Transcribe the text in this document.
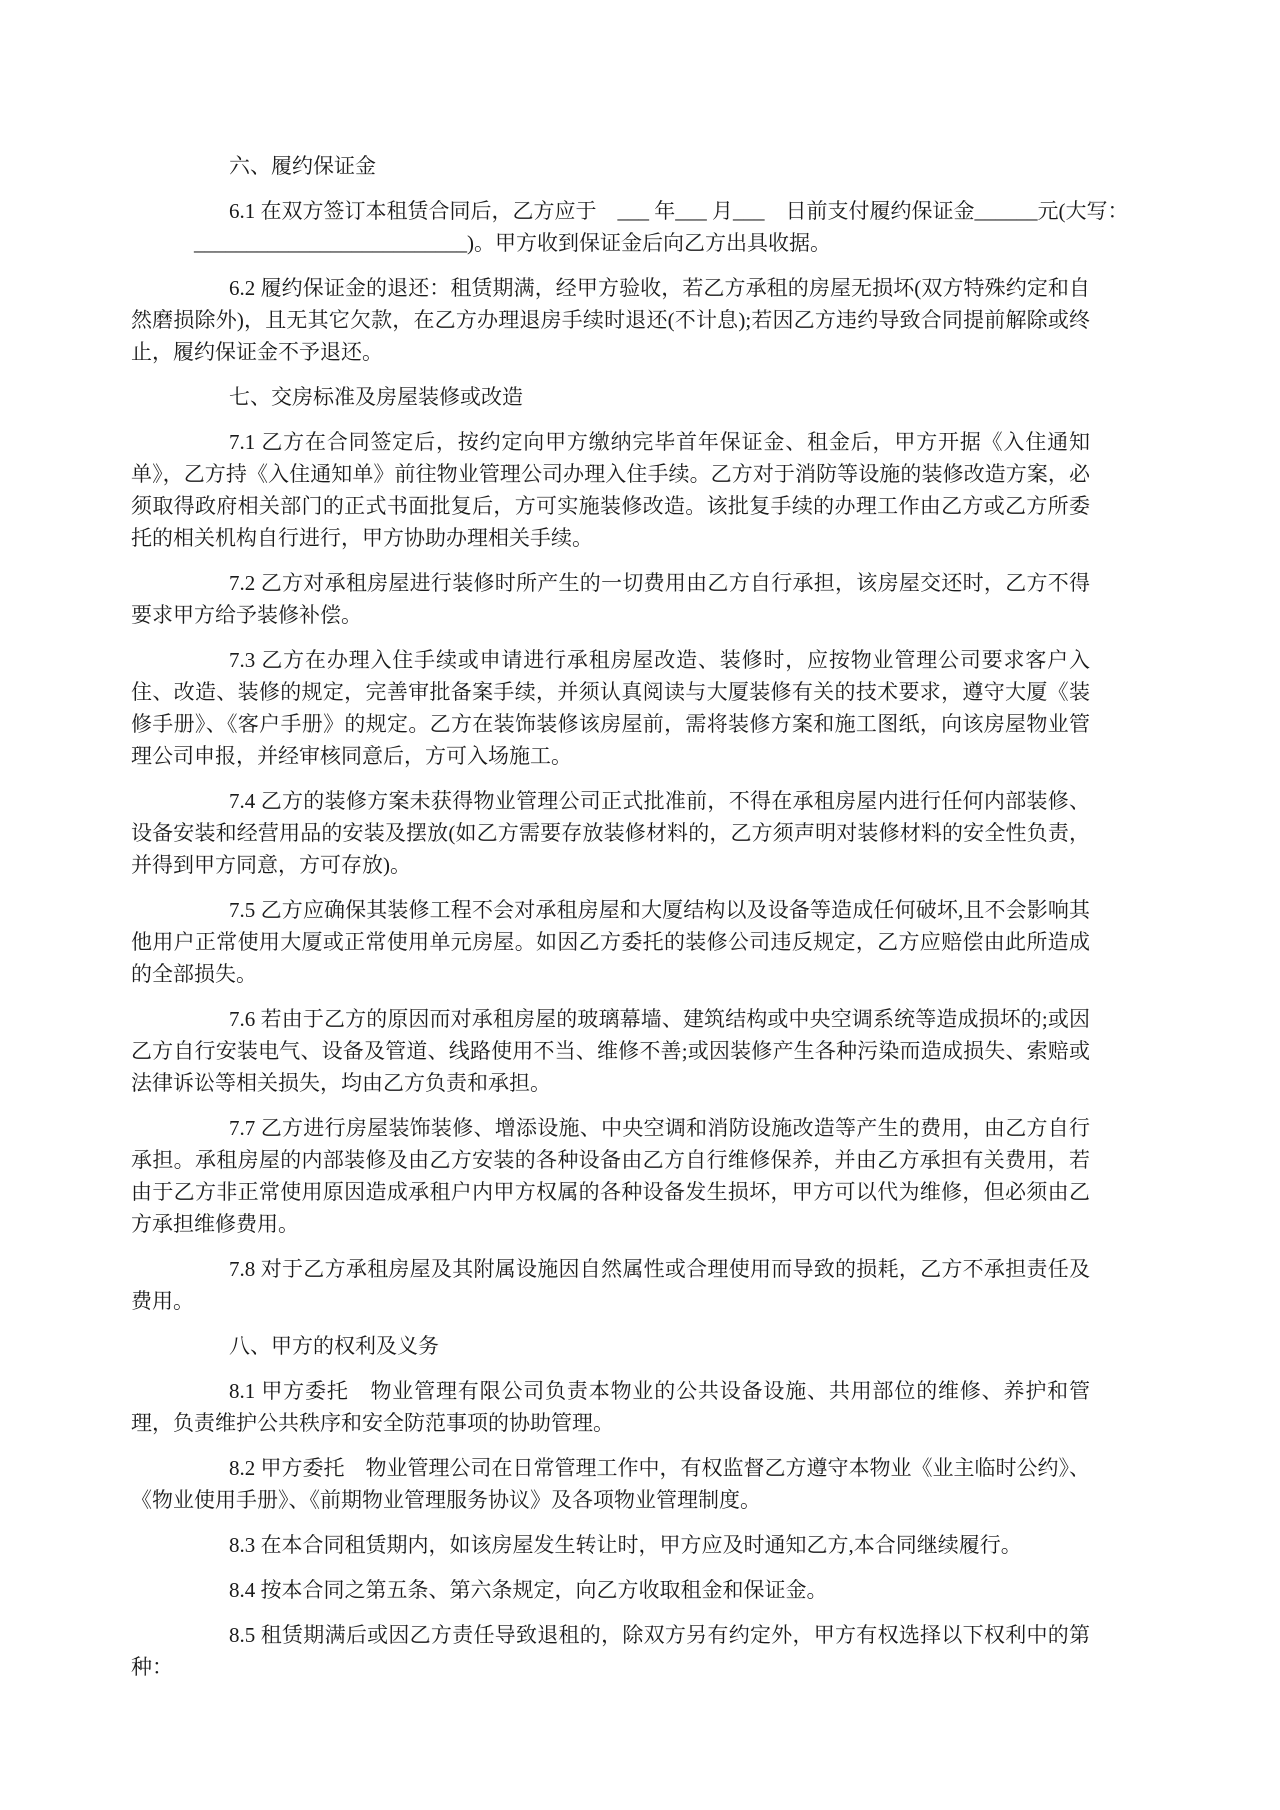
六、履约保证金

6.1 在双方签订本租赁合同后，乙方应于　___ 年___ 月___　日前支付履约保证金______元(大写：
__________________________)。甲方收到保证金后向乙方出具收据。

6.2 履约保证金的退还：租赁期满，经甲方验收，若乙方承租的房屋无损坏(双方特殊约定和自然磨损除外)，且无其它欠款，在乙方办理退房手续时退还(不计息);若因乙方违约导致合同提前解除或终止，履约保证金不予退还。

七、交房标准及房屋装修或改造

7.1 乙方在合同签定后，按约定向甲方缴纳完毕首年保证金、租金后，甲方开据《入住通知单》，乙方持《入住通知单》前往物业管理公司办理入住手续。乙方对于消防等设施的装修改造方案，必须取得政府相关部门的正式书面批复后，方可实施装修改造。该批复手续的办理工作由乙方或乙方所委托的相关机构自行进行，甲方协助办理相关手续。

7.2 乙方对承租房屋进行装修时所产生的一切费用由乙方自行承担，该房屋交还时，乙方不得要求甲方给予装修补偿。

7.3 乙方在办理入住手续或申请进行承租房屋改造、装修时，应按物业管理公司要求客户入住、改造、装修的规定，完善审批备案手续，并须认真阅读与大厦装修有关的技术要求，遵守大厦《装修手册》、《客户手册》的规定。乙方在装饰装修该房屋前，需将装修方案和施工图纸，向该房屋物业管理公司申报，并经审核同意后，方可入场施工。

7.4 乙方的装修方案未获得物业管理公司正式批准前，不得在承租房屋内进行任何内部装修、设备安装和经营用品的安装及摆放(如乙方需要存放装修材料的，乙方须声明对装修材料的安全性负责，并得到甲方同意，方可存放)。

7.5 乙方应确保其装修工程不会对承租房屋和大厦结构以及设备等造成任何破坏,且不会影响其他用户正常使用大厦或正常使用单元房屋。如因乙方委托的装修公司违反规定，乙方应赔偿由此所造成的全部损失。

7.6 若由于乙方的原因而对承租房屋的玻璃幕墙、建筑结构或中央空调系统等造成损坏的;或因乙方自行安装电气、设备及管道、线路使用不当、维修不善;或因装修产生各种污染而造成损失、索赔或法律诉讼等相关损失，均由乙方负责和承担。

7.7 乙方进行房屋装饰装修、增添设施、中央空调和消防设施改造等产生的费用，由乙方自行承担。承租房屋的内部装修及由乙方安装的各种设备由乙方自行维修保养，并由乙方承担有关费用，若由于乙方非正常使用原因造成承租户内甲方权属的各种设备发生损坏，甲方可以代为维修，但必须由乙方承担维修费用。

7.8 对于乙方承租房屋及其附属设施因自然属性或合理使用而导致的损耗，乙方不承担责任及费用。

八、甲方的权利及义务

8.1 甲方委托　物业管理有限公司负责本物业的公共设备设施、共用部位的维修、养护和管理，负责维护公共秩序和安全防范事项的协助管理。

8.2 甲方委托　物业管理公司在日常管理工作中，有权监督乙方遵守本物业《业主临时公约》、《物业使用手册》、《前期物业管理服务协议》及各项物业管理制度。

8.3 在本合同租赁期内，如该房屋发生转让时，甲方应及时通知乙方,本合同继续履行。

8.4 按本合同之第五条、第六条规定，向乙方收取租金和保证金。

8.5 租赁期满后或因乙方责任导致退租的，除双方另有约定外，甲方有权选择以下权利中的第　种：
